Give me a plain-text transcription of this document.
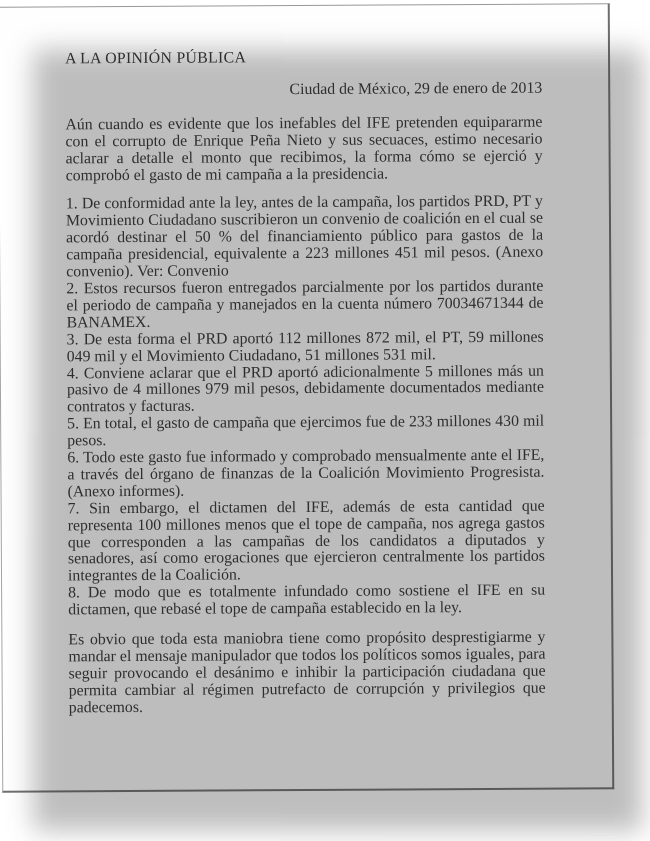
A LA OPINIÓN PÚBLICA
Ciudad de México, 29 de enero de 2013

Aún cuando es evidente que los inefables del IFE pretenden equipararme con el corrupto de Enrique Peña Nieto y sus secuaces, estimo necesario aclarar a detalle el monto que recibimos, la forma cómo se ejerció y comprobó el gasto de mi campaña a la presidencia.

1. De conformidad ante la ley, antes de la campaña, los partidos PRD, PT y Movimiento Ciudadano suscribieron un convenio de coalición en el cual se acordó destinar el 50 % del financiamiento público para gastos de la campaña presidencial, equivalente a 223 millones 451 mil pesos. (Anexo convenio). Ver: Convenio

2. Estos recursos fueron entregados parcialmente por los partidos durante el periodo de campaña y manejados en la cuenta número 70034671344 de BANAMEX.

3. De esta forma el PRD aportó 112 millones 872 mil, el PT, 59 millones 049 mil y el Movimiento Ciudadano, 51 millones 531 mil.

4. Conviene aclarar que el PRD aportó adicionalmente 5 millones más un pasivo de 4 millones 979 mil pesos, debidamente documentados mediante contratos y facturas.

5. En total, el gasto de campaña que ejercimos fue de 233 millones 430 mil pesos.

6. Todo este gasto fue informado y comprobado mensualmente ante el IFE, a través del órgano de finanzas de la Coalición Movimiento Progresista. (Anexo informes).

7. Sin embargo, el dictamen del IFE, además de esta cantidad que representa 100 millones menos que el tope de campaña, nos agrega gastos que corresponden a las campañas de los candidatos a diputados y senadores, así como erogaciones que ejercieron centralmente los partidos integrantes de la Coalición.

8. De modo que es totalmente infundado como sostiene el IFE en su dictamen, que rebasé el tope de campaña establecido en la ley.

Es obvio que toda esta maniobra tiene como propósito desprestigiarme y mandar el mensaje manipulador que todos los políticos somos iguales, para seguir provocando el desánimo e inhibir la participación ciudadana que permita cambiar al régimen putrefacto de corrupción y privilegios que padecemos.
